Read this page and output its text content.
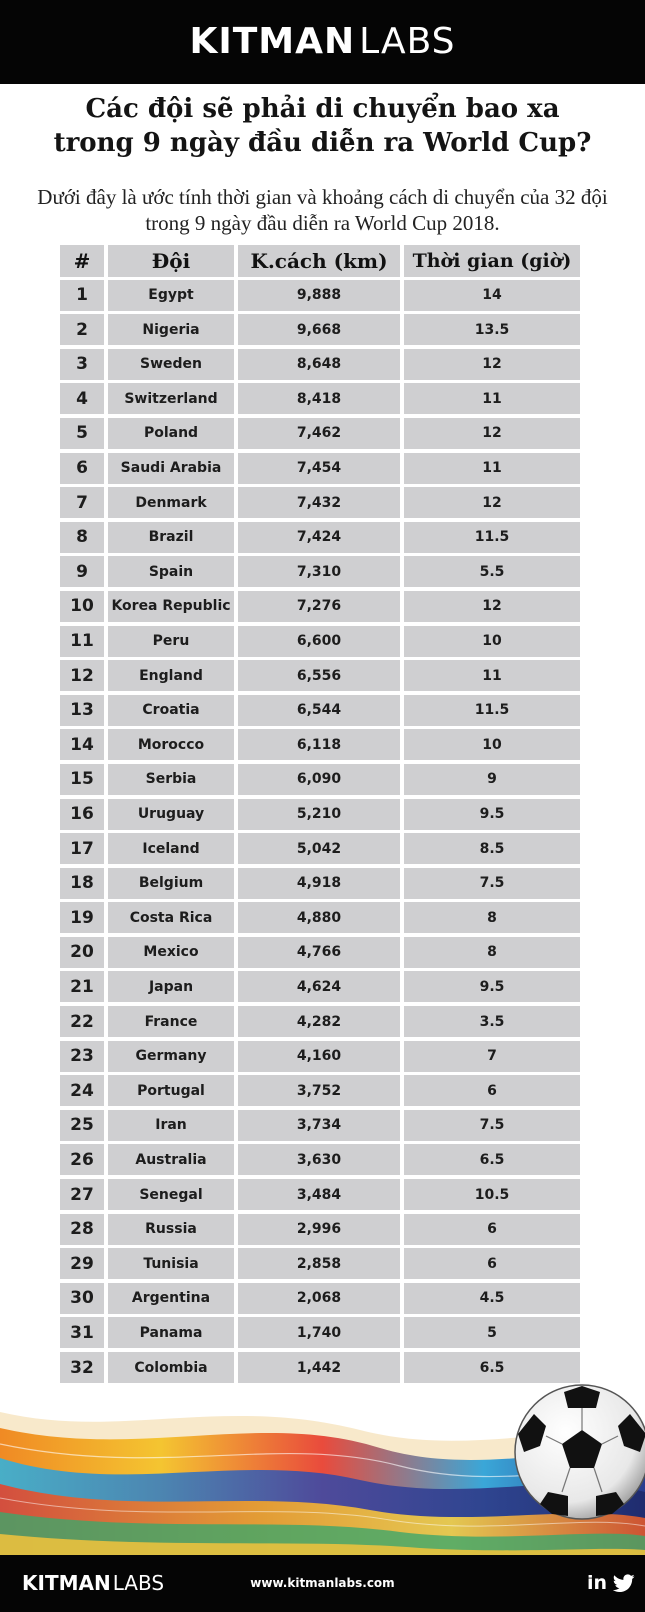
KITMAN LABS
Các đội sẽ phải di chuyển bao xa
trong 9 ngày đầu diễn ra World Cup?
Dưới đây là ước tính thời gian và khoảng cách di chuyển của 32 đội
trong 9 ngày đầu diễn ra World Cup 2018.
#	Đội	K.cách (km)	Thời gian (giờ)
1	Egypt	9,888	14
2	Nigeria	9,668	13.5
3	Sweden	8,648	12
4	Switzerland	8,418	11
5	Poland	7,462	12
6	Saudi Arabia	7,454	11
7	Denmark	7,432	12
8	Brazil	7,424	11.5
9	Spain	7,310	5.5
10	Korea Republic	7,276	12
11	Peru	6,600	10
12	England	6,556	11
13	Croatia	6,544	11.5
14	Morocco	6,118	10
15	Serbia	6,090	9
16	Uruguay	5,210	9.5
17	Iceland	5,042	8.5
18	Belgium	4,918	7.5
19	Costa Rica	4,880	8
20	Mexico	4,766	8
21	Japan	4,624	9.5
22	France	4,282	3.5
23	Germany	4,160	7
24	Portugal	3,752	6
25	Iran	3,734	7.5
26	Australia	3,630	6.5
27	Senegal	3,484	10.5
28	Russia	2,996	6
29	Tunisia	2,858	6
30	Argentina	2,068	4.5
31	Panama	1,740	5
32	Colombia	1,442	6.5
KITMAN LABS	www.kitmanlabs.com	in
